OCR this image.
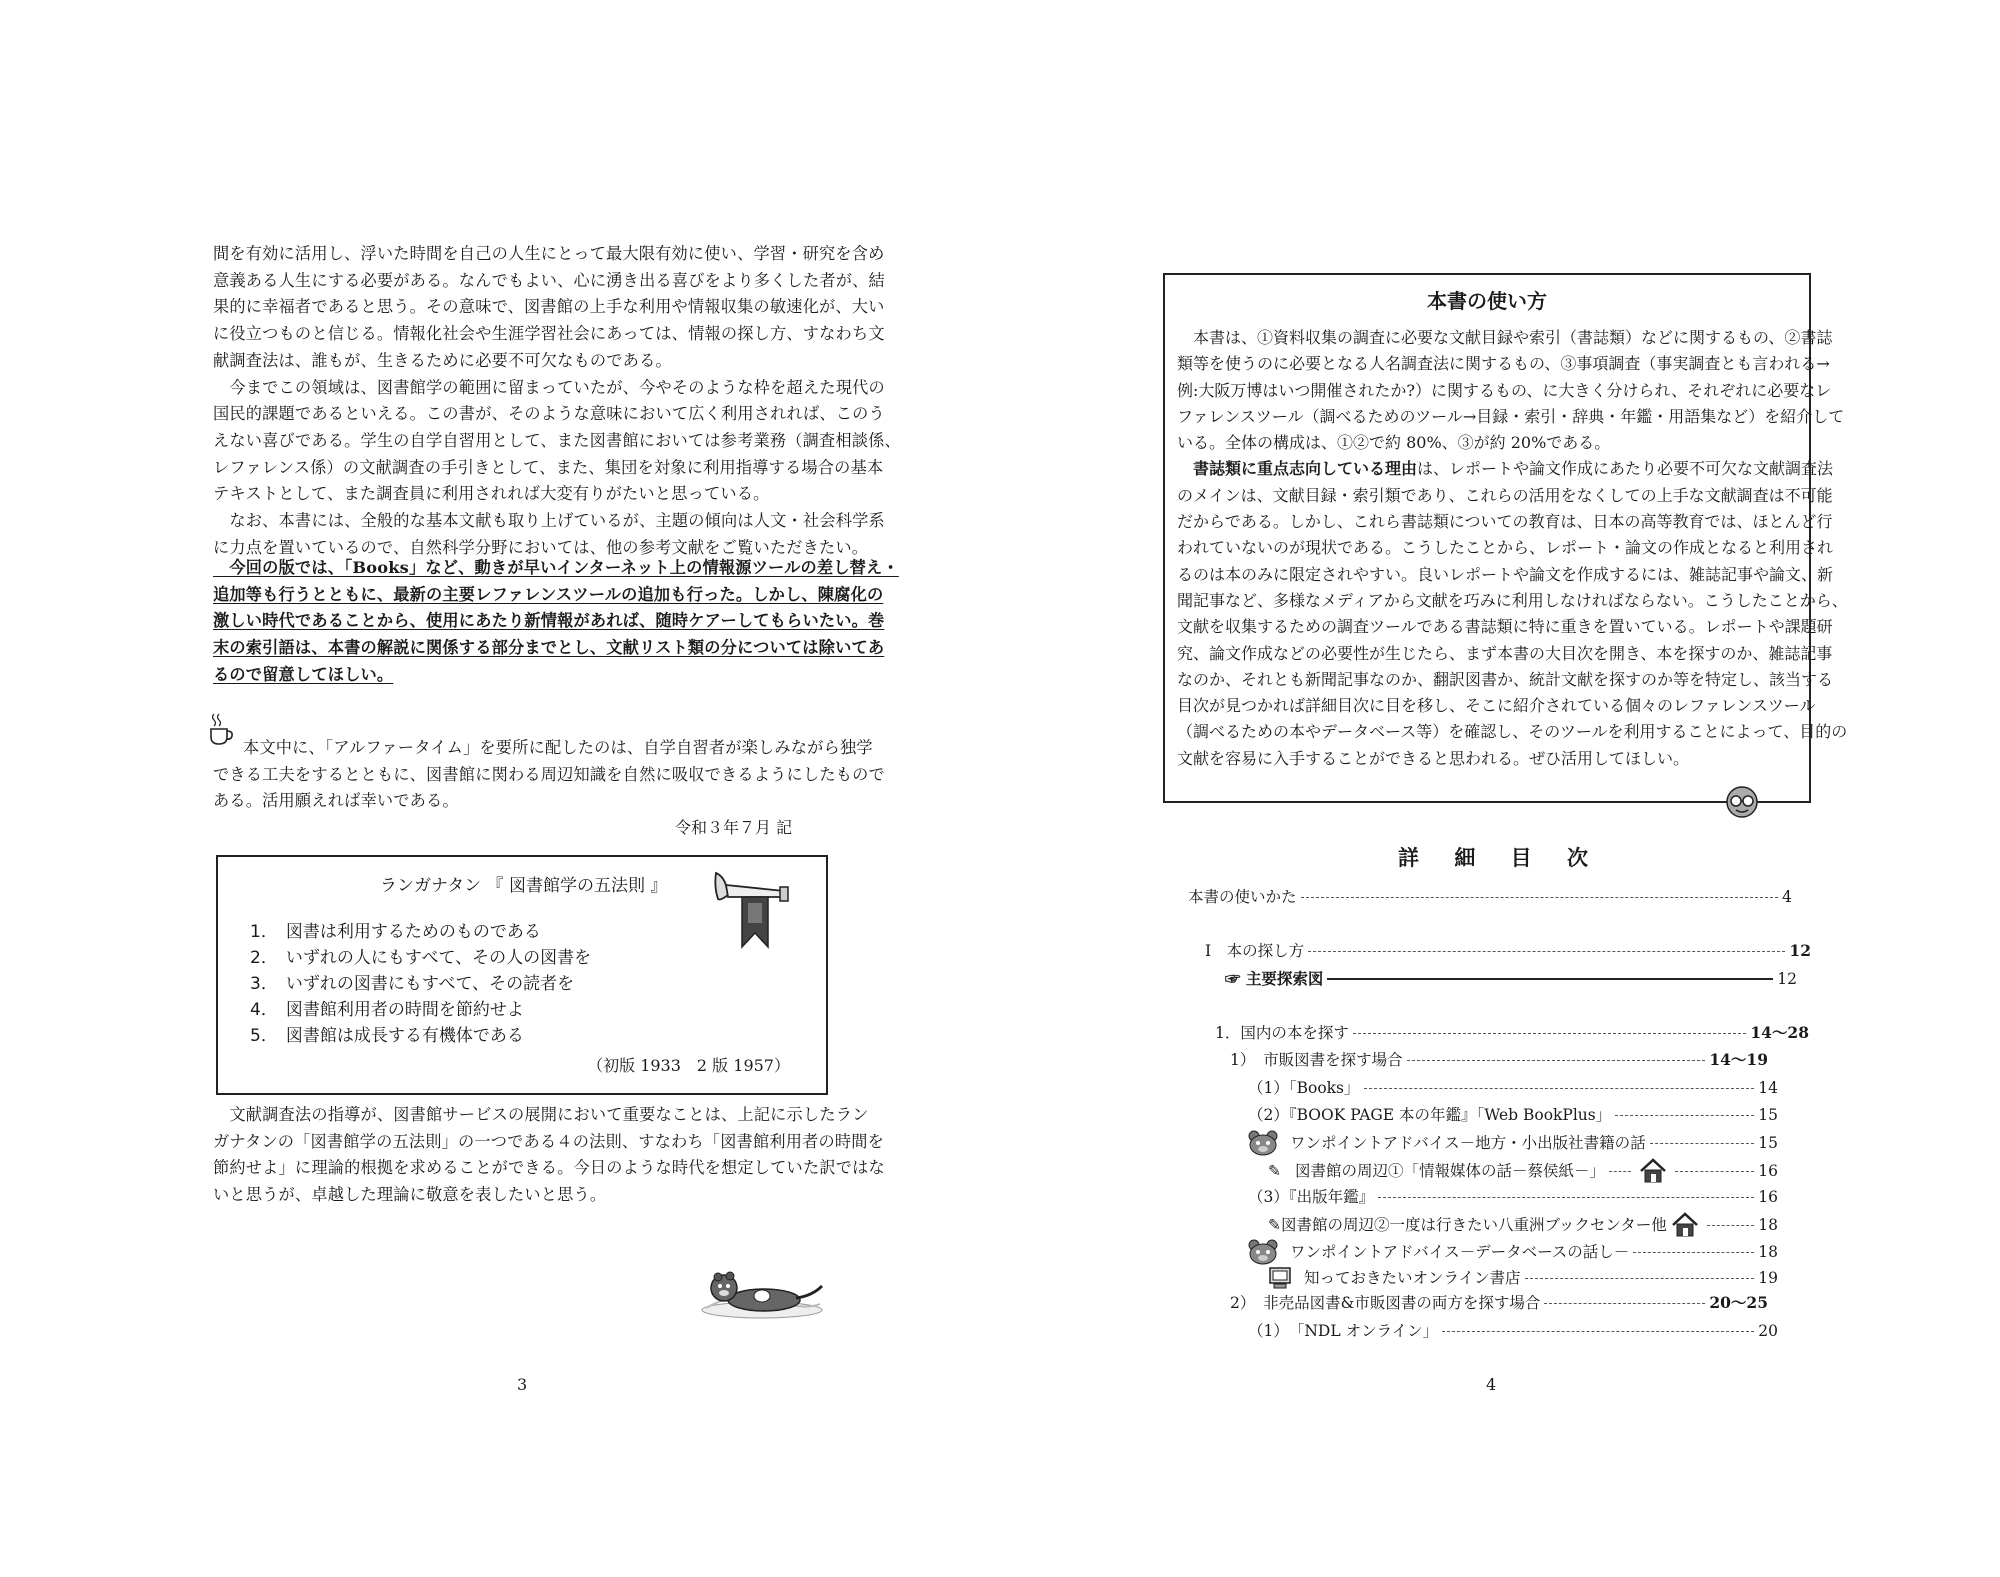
間を有効に活用し、浮いた時間を自己の人生にとって最大限有効に使い、学習・研究を含め

意義ある人生にする必要がある。なんでもよい、心に湧き出る喜びをより多くした者が、結

果的に幸福者であると思う。その意味で、図書館の上手な利用や情報収集の敏速化が、大い

に役立つものと信じる。情報化社会や生涯学習社会にあっては、情報の探し方、すなわち文

献調査法は、誰もが、生きるために必要不可欠なものである。

　今までこの領域は、図書館学の範囲に留まっていたが、今やそのような枠を超えた現代の

国民的課題であるといえる。この書が、そのような意味において広く利用されれば、このう

えない喜びである。学生の自学自習用として、また図書館においては参考業務（調査相談係、

レファレンス係）の文献調査の手引きとして、また、集団を対象に利用指導する場合の基本

テキストとして、また調査員に利用されれば大変有りがたいと思っている。

　なお、本書には、全般的な基本文献も取り上げているが、主題の傾向は人文・社会科学系

に力点を置いているので、自然科学分野においては、他の参考文献をご覧いただきたい。

　今回の版では、「Books」など、動きが早いインターネット上の情報源ツールの差し替え・

追加等も行うとともに、最新の主要レファレンスツールの追加も行った。しかし、陳腐化の

激しい時代であることから、使用にあたり新情報があれば、随時ケアーしてもらいたい。巻

末の索引語は、本書の解説に関係する部分までとし、文献リスト類の分については除いてあ

るので留意してほしい。

本文中に、「アルファータイム」を要所に配したのは、自学自習者が楽しみながら独学

できる工夫をするとともに、図書館に関わる周辺知識を自然に吸収できるようにしたもので

ある。活用願えれば幸いである。

令和３年７月 記
ランガナタン 『 図書館学の五法則 』
1． 図書は利用するためのものである
2． いずれの人にもすべて、その人の図書を
3． いずれの図書にもすべて、その読者を
4． 図書館利用者の時間を節約せよ
5． 図書館は成長する有機体である
（初版 1933　2 版 1957）

　文献調査法の指導が、図書館サービスの展開において重要なことは、上記に示したラン

ガナタンの「図書館学の五法則」の一つである４の法則、すなわち「図書館利用者の時間を

節約せよ」に理論的根拠を求めることができる。今日のような時代を想定していた訳ではな

いと思うが、卓越した理論に敬意を表したいと思う。

3
本書の使い方

　本書は、①資料収集の調査に必要な文献目録や索引（書誌類）などに関するもの、②書誌

類等を使うのに必要となる人名調査法に関するもの、③事項調査（事実調査とも言われる→

例:大阪万博はいつ開催されたか?）に関するもの、に大きく分けられ、それぞれに必要なレ

ファレンスツール（調べるためのツール→目録・索引・辞典・年鑑・用語集など）を紹介して

いる。全体の構成は、①②で約 80%、③が約 20%である。

　書誌類に重点志向している理由は、レポートや論文作成にあたり必要不可欠な文献調査法

のメインは、文献目録・索引類であり、これらの活用をなくしての上手な文献調査は不可能

だからである。しかし、これら書誌類についての教育は、日本の高等教育では、ほとんど行

われていないのが現状である。こうしたことから、レポート・論文の作成となると利用され

るのは本のみに限定されやすい。良いレポートや論文を作成するには、雑誌記事や論文、新

聞記事など、多様なメディアから文献を巧みに利用しなければならない。こうしたことから、

文献を収集するための調査ツールである書誌類に特に重きを置いている。レポートや課題研

究、論文作成などの必要性が生じたら、まず本書の大目次を開き、本を探すのか、雑誌記事

なのか、それとも新聞記事なのか、翻訳図書か、統計文献を探すのか等を特定し、該当する

目次が見つかれば詳細目次に目を移し、そこに紹介されている個々のレファレンスツール

（調べるための本やデータベース等）を確認し、そのツールを利用することによって、目的の

文献を容易に入手することができると思われる。ぜひ活用してほしい。

詳 細 目 次
本書の使いかた	4
Ⅰ　本の探し方	12
☞ 主要探索図	12
1．国内の本を探す	14〜28
1）　市販図書を探す場合	14〜19
（1）「Books」	14
（2）『BOOK PAGE 本の年鑑』「Web BookPlus」	15
ワンポイントアドバイス－地方・小出版社書籍の話	15
✎ 図書館の周辺①「情報媒体の話－蔡侯紙－」	16
（3）『出版年鑑』	16
✎ 図書館の周辺②一度は行きたい八重洲ブックセンター他	18
ワンポイントアドバイス－データベースの話し－	18
知っておきたいオンライン書店	19
2）　非売品図書&市販図書の両方を探す場合	20〜25
（1）　「NDL オンライン」	20
4
